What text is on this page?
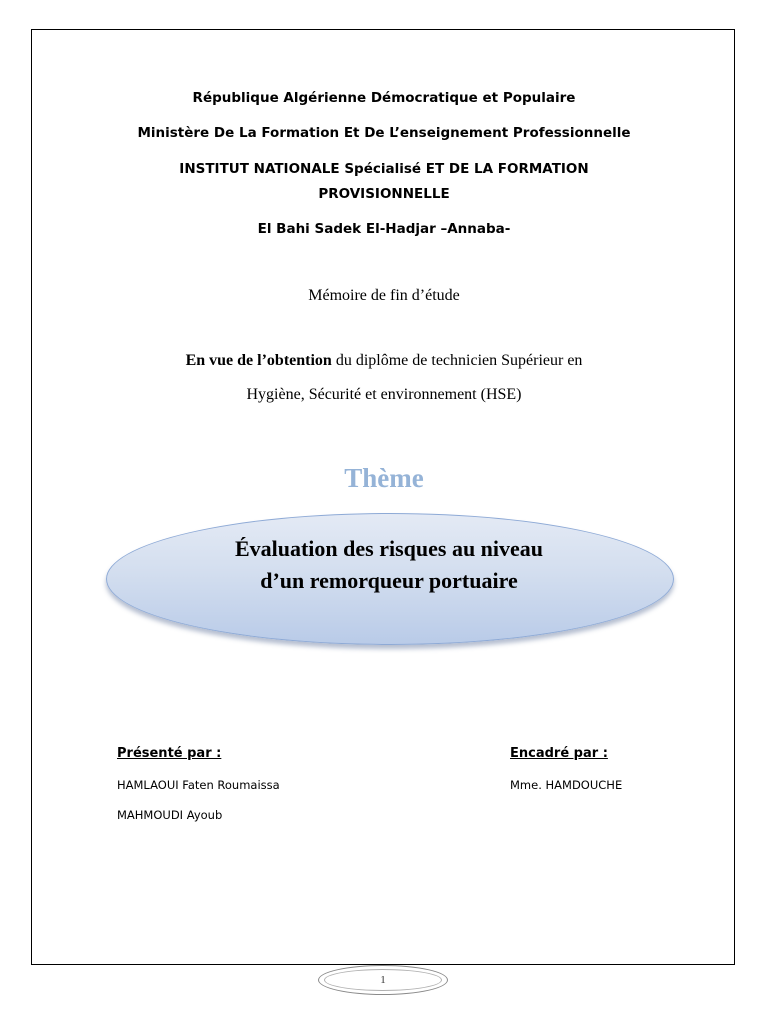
République Algérienne Démocratique et Populaire
Ministère De La Formation Et De L’enseignement Professionnelle
INSTITUT NATIONALE Spécialisé ET DE LA FORMATION
PROVISIONNELLE
El Bahi Sadek El-Hadjar –Annaba-
Mémoire de fin d’étude
En vue de l’obtention du diplôme de technicien Supérieur en
Hygiène, Sécurité et environnement (HSE)
Thème
Évaluation des risques au niveau
d’un remorqueur portuaire
Présenté par :
HAMLAOUI Faten Roumaissa
MAHMOUDI Ayoub
Encadré par :
Mme. HAMDOUCHE
1
